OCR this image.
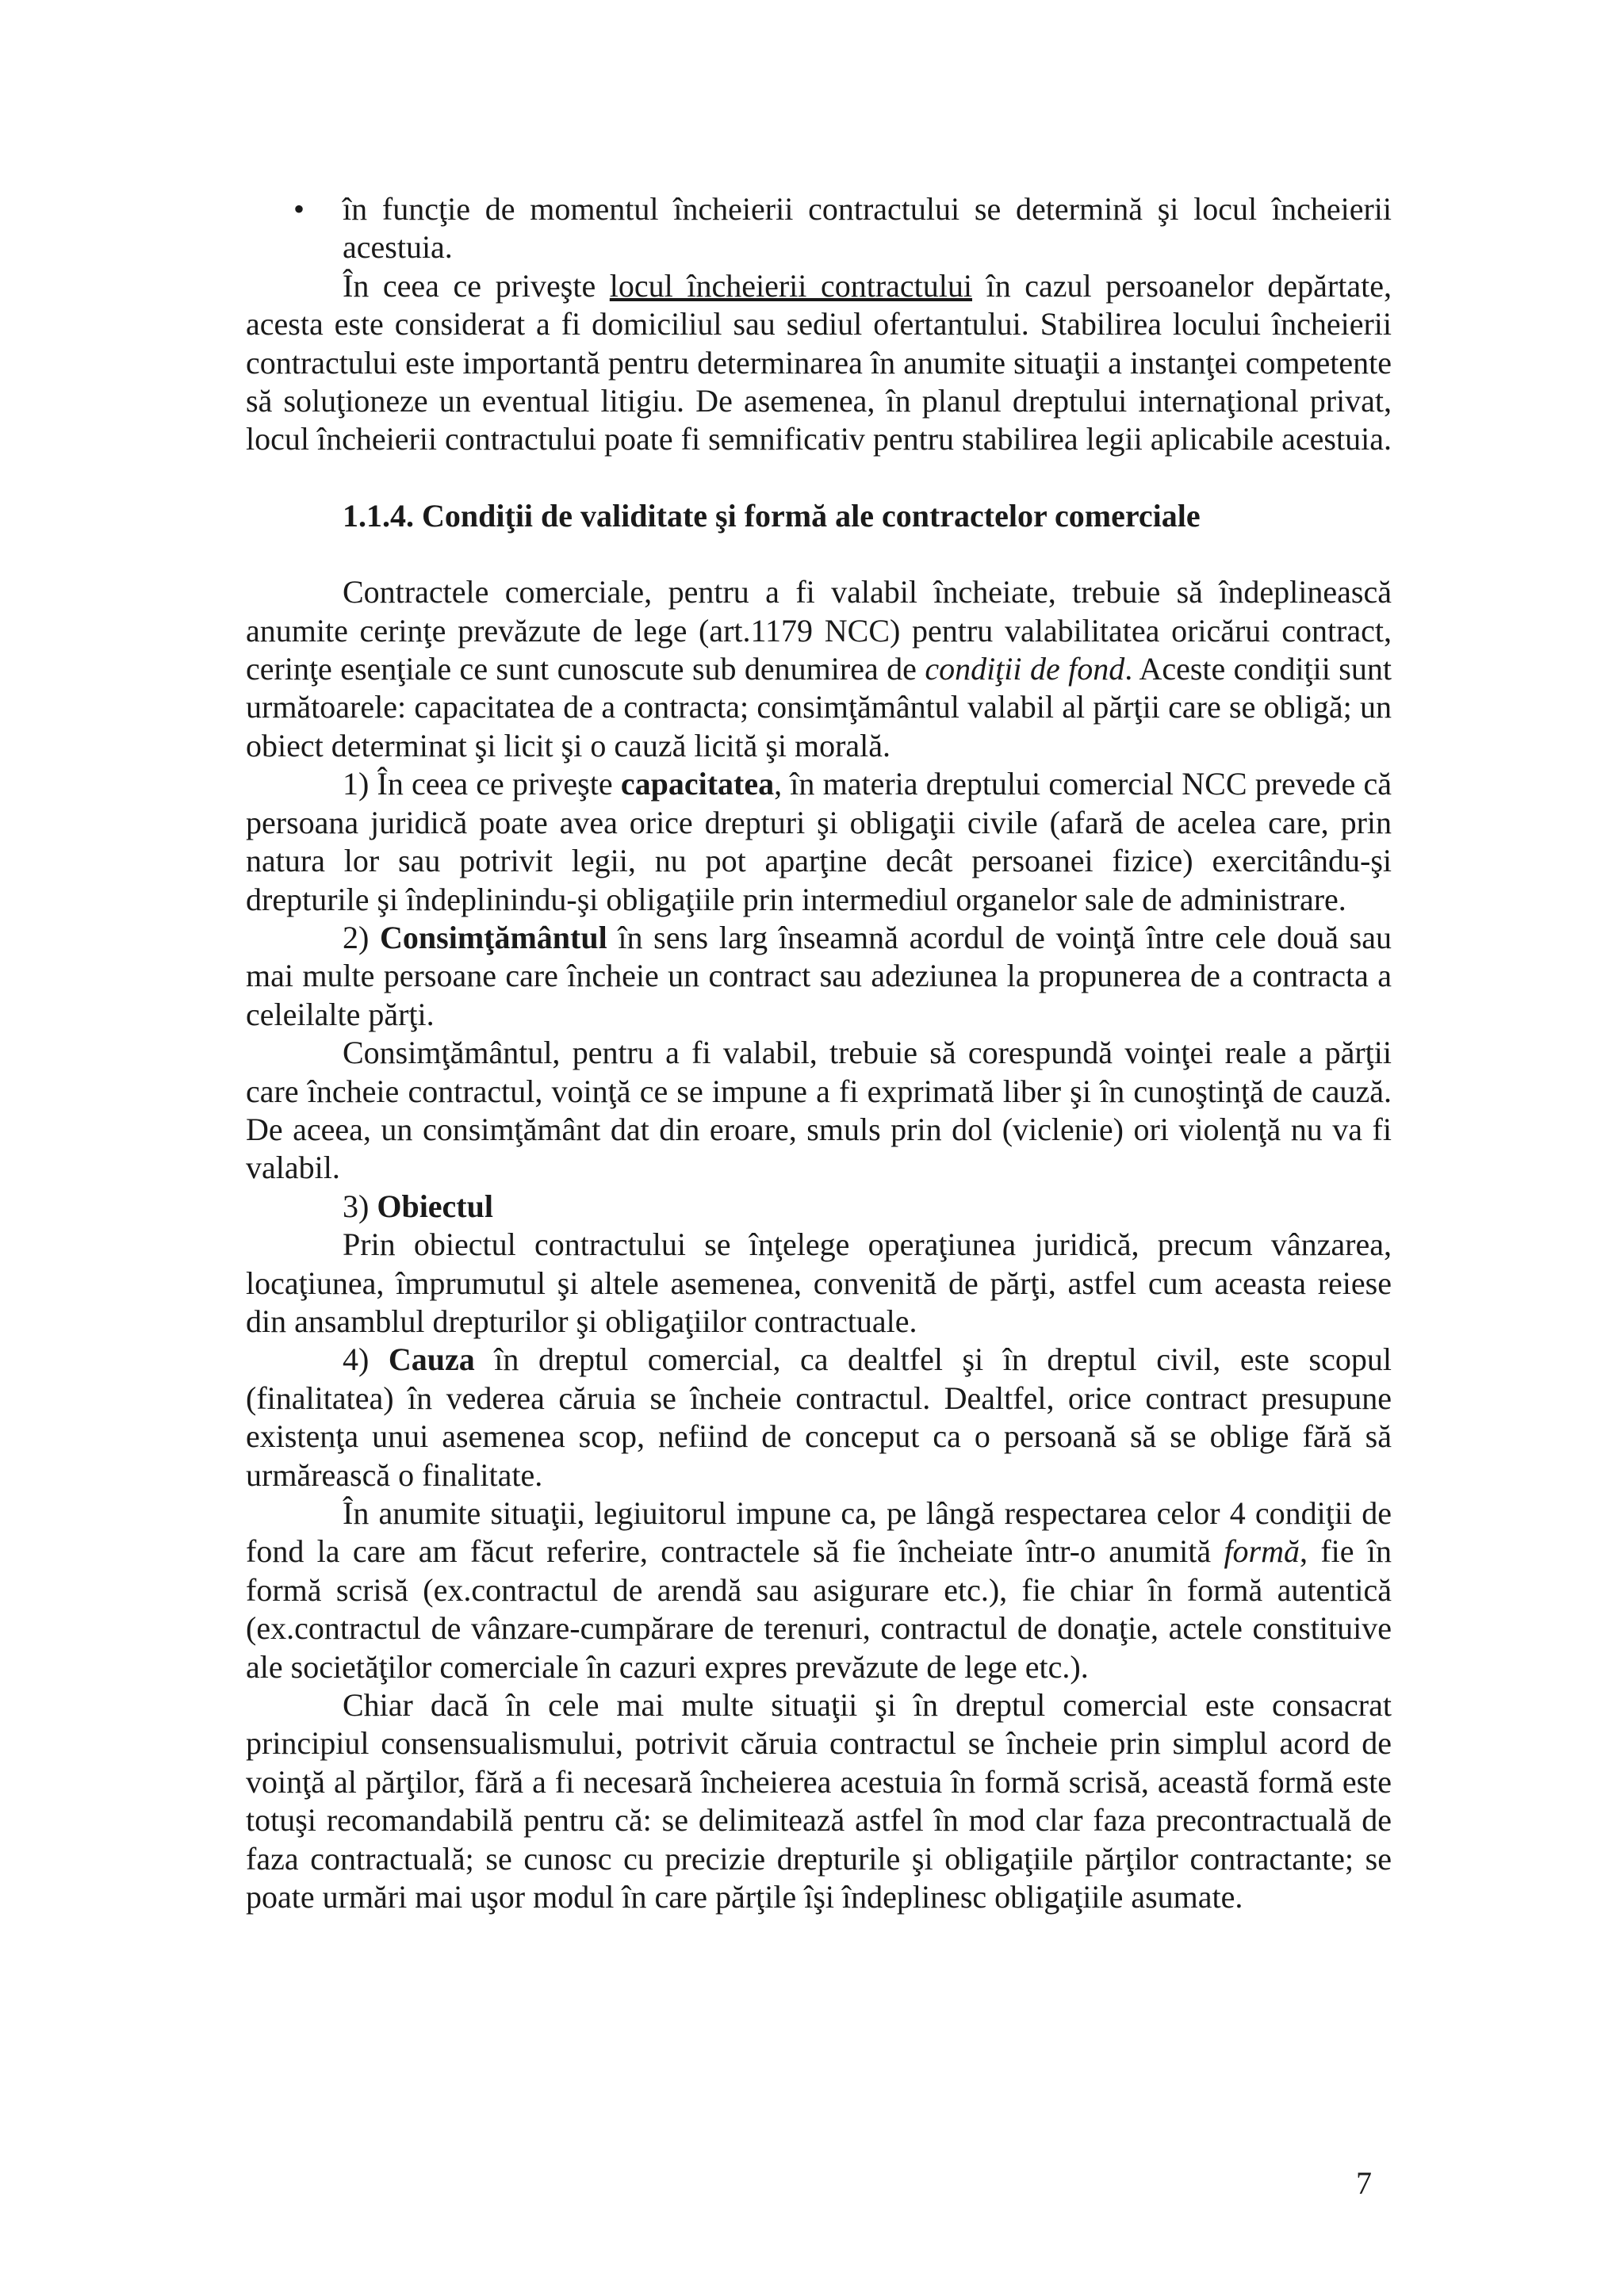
• în funcţie de momentul încheierii contractului se determină şi locul încheierii acestuia.

În ceea ce priveşte locul încheierii contractului în cazul persoanelor depărtate, acesta este considerat a fi domiciliul sau sediul ofertantului. Stabilirea locului încheierii contractului este importantă pentru determinarea în anumite situaţii a instanţei competente să soluţioneze un eventual litigiu. De asemenea, în planul dreptului internaţional privat, locul încheierii contractului poate fi semnificativ pentru stabilirea legii aplicabile acestuia.

1.1.4. Condiţii de validitate şi formă ale contractelor comerciale

Contractele comerciale, pentru a fi valabil încheiate, trebuie să îndeplinească anumite cerinţe prevăzute de lege (art.1179 NCC) pentru valabilitatea oricărui contract, cerinţe esenţiale ce sunt cunoscute sub denumirea de condiţii de fond. Aceste condiţii sunt următoarele: capacitatea de a contracta; consimţământul valabil al părţii care se obligă; un obiect determinat şi licit şi o cauză licită şi morală.

1) În ceea ce priveşte capacitatea, în materia dreptului comercial NCC prevede că persoana juridică poate avea orice drepturi şi obligaţii civile (afară de acelea care, prin natura lor sau potrivit legii, nu pot aparţine decât persoanei fizice) exercitându-şi drepturile şi îndeplinindu-şi obligaţiile prin intermediul organelor sale de administrare.

2) Consimţământul în sens larg înseamnă acordul de voinţă între cele două sau mai multe persoane care încheie un contract sau adeziunea la propunerea de a contracta a celeilalte părţi.

Consimţământul, pentru a fi valabil, trebuie să corespundă voinţei reale a părţii care încheie contractul, voinţă ce se impune a fi exprimată liber şi în cunoştinţă de cauză. De aceea, un consimţământ dat din eroare, smuls prin dol (viclenie) ori violenţă nu va fi valabil.

3) Obiectul

Prin obiectul contractului se înţelege operaţiunea juridică, precum vânzarea, locaţiunea, împrumutul şi altele asemenea, convenită de părţi, astfel cum aceasta reiese din ansamblul drepturilor şi obligaţiilor contractuale.

4) Cauza în dreptul comercial, ca dealtfel şi în dreptul civil, este scopul (finalitatea) în vederea căruia se încheie contractul. Dealtfel, orice contract presupune existenţa unui asemenea scop, nefiind de conceput ca o persoană să se oblige fără să urmărească o finalitate.

În anumite situaţii, legiuitorul impune ca, pe lângă respectarea celor 4 condiţii de fond la care am făcut referire, contractele să fie încheiate într-o anumită formă, fie în formă scrisă (ex.contractul de arendă sau asigurare etc.), fie chiar în formă autentică (ex.contractul de vânzare-cumpărare de terenuri, contractul de donaţie, actele constituive ale societăţilor comerciale în cazuri expres prevăzute de lege etc.).

Chiar dacă în cele mai multe situaţii şi în dreptul comercial este consacrat principiul consensualismului, potrivit căruia contractul se încheie prin simplul acord de voinţă al părţilor, fără a fi necesară încheierea acestuia în formă scrisă, această formă este totuşi recomandabilă pentru că: se delimitează astfel în mod clar faza precontractuală de faza contractuală; se cunosc cu precizie drepturile şi obligaţiile părţilor contractante; se poate urmări mai uşor modul în care părţile îşi îndeplinesc obligaţiile asumate.

7
